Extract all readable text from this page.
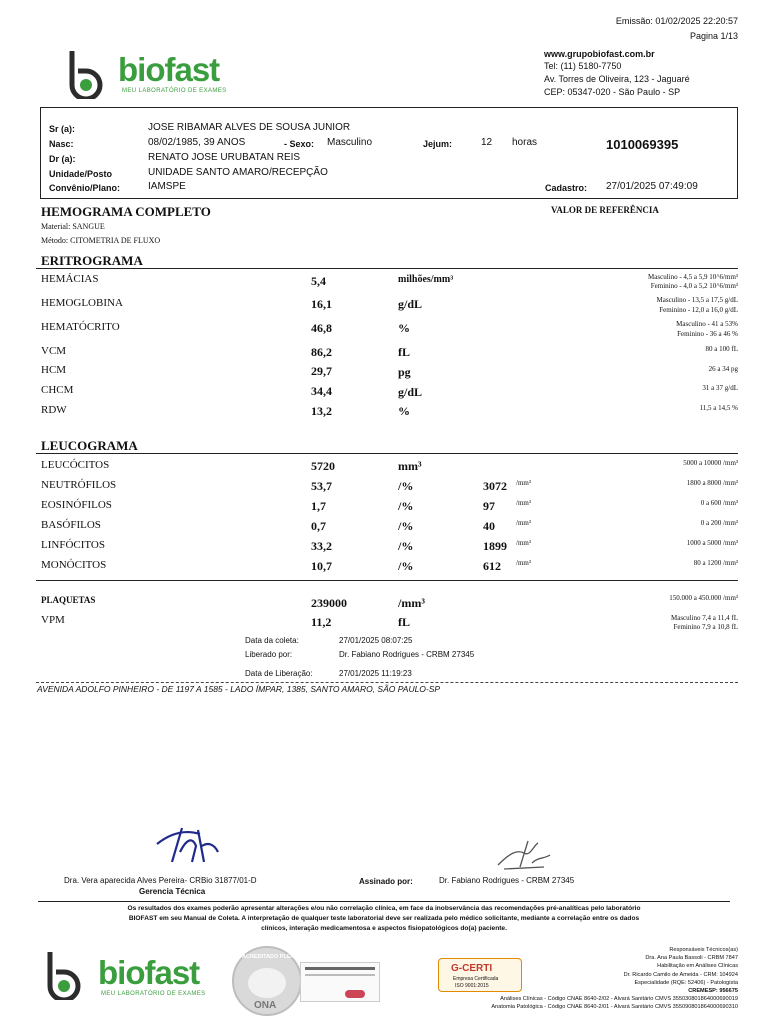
Emissão: 01/02/2025 22:20:57
Pagina 1/13
www.grupobiofast.com.br
Tel: (11) 5180-7750
Av. Torres de Oliveira, 123 - Jaguaré
CEP: 05347-020 - São Paulo - SP
biofast
MEU LABORATÓRIO DE EXAMES
Sr (a):	JOSE RIBAMAR ALVES DE SOUSA JUNIOR
Nasc:	08/02/1985, 39 ANOS	- Sexo: Masculino	Jejum:	12 horas	1010069395
Dr (a):	RENATO JOSE URUBATAN REIS
Unidade/Posto	UNIDADE SANTO AMARO/RECEPÇÃO
Convênio/Plano:	IAMSPE	Cadastro: 27/01/2025 07:49:09
HEMOGRAMA COMPLETO	VALOR DE REFERÊNCIA
Material: SANGUE
Método: CITOMETRIA DE FLUXO
ERITROGRAMA
HEMÁCIAS	5,4	milhões/mm³	Masculino - 4,5 a 5,9 10^6/mm³
Feminino - 4,0 a 5,2 10^6/mm³
HEMOGLOBINA	16,1	g/dL	Masculino - 13,5 a 17,5 g/dL
Feminino - 12,0 a 16,0 g/dL
HEMATÓCRITO	46,8	%	Masculino - 41 a 53%
Feminino - 36 a 46 %
VCM	86,2	fL	80 a 100 fL
HCM	29,7	pg	26 a 34 pg
CHCM	34,4	g/dL	31 a 37 g/dL
RDW	13,2	%	11,5 a 14,5 %
LEUCOGRAMA
LEUCÓCITOS	5720	mm³	5000 a 10000 /mm³
NEUTRÓFILOS	53,7	/%	3072 /mm³	1800 a 8000 /mm³
EOSINÓFILOS	1,7	/%	97	/mm³	0 a 600 /mm³
BASÓFILOS	0,7	/%	40	/mm³	0 a 200 /mm³
LINFÓCITOS	33,2	/%	1899 /mm³	1000 a 5000 /mm³
MONÓCITOS	10,7	/%	612 /mm³	80 a 1200 /mm³
PLAQUETAS	239000	/mm³	150.000 a 450.000 /mm³
VPM	11,2	fL	Masculino 7,4 a 11,4 fL
Feminino 7,9 a 10,8 fL
Data da coleta:	27/01/2025 08:07:25
Liberado por:	Dr. Fabiano Rodrigues - CRBM 27345
Data de Liberação:	27/01/2025 11:19:23
AVENIDA ADOLFO PINHEIRO - DE 1197 A 1585 - LADO ÍMPAR, 1385, SANTO AMARO, SÃO PAULO-SP
Dra. Vera aparecida Alves Pereira- CRBio 31877/01-D
Gerencia Técnica
Assinado por:	Dr. Fabiano Rodrigues - CRBM 27345
Os resultados dos exames poderão apresentar alterações e/ou não correlação clínica, em face da inobservância das recomendações pré-analíticas pelo laboratório
BIOFAST em seu Manual de Coleta. A interpretação de qualquer teste laboratorial deve ser realizada pelo médico solicitante, mediante a correlação entre os dados
clínicos, interação medicamentosa e aspectos fisiopatológicos do(a) paciente.
biofast
MEU LABORATÓRIO DE EXAMES
ACREDITADO PLENO
ONA
G-CERTI
Empresa Certificada
ISO 9001:2015
Responsáveis Técnicos(as)
Dra. Ana Paula Bassoli - CRBM 7847
Habilitação em Análises Clínicas
Dr. Ricardo Camilo de Ameida - CRM: 104924
Especialidade (RQE: 52406) - Patologista
CREMESP: 956675
Análises Clínicas - Código CNAE 8640-2/02 - Alvará Sanitário CMVS 355030801864000690019
Anatomia Patológica - Código CNAE 8640-2/01 - Alvará Sanitário CMVS 355090801864000690310
